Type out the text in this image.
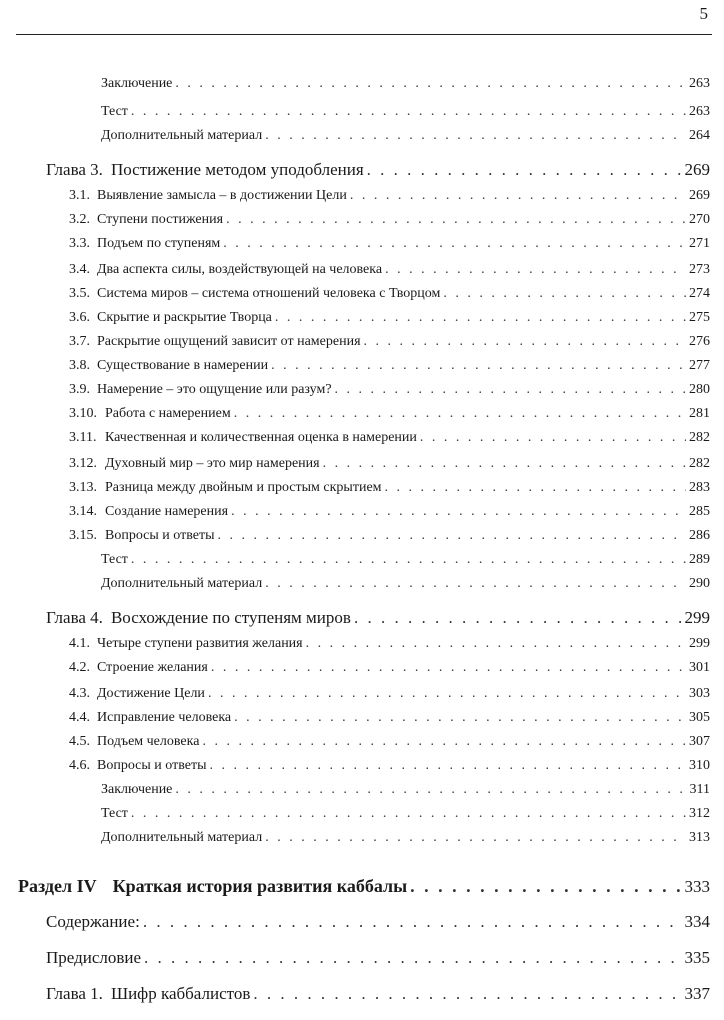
5
Заключение . . .	263
Тест . . .	263
Дополнительный материал . . .	264
Глава 3. Постижение методом уподобления . . .	269
3.1. Выявление замысла – в достижении Цели . . .	269
3.2. Ступени постижения . . .	270
3.3. Подъем по ступеням . . .	271
3.4. Два аспекта силы, воздействующей на человека . . .	273
3.5. Система миров – система отношений человека с Творцом . . .	274
3.6. Скрытие и раскрытие Творца . . .	275
3.7. Раскрытие ощущений зависит от намерения . . .	276
3.8. Существование в намерении . . .	277
3.9. Намерение – это ощущение или разум? . . .	280
3.10. Работа с намерением . . .	281
3.11. Качественная и количественная оценка в намерении . . .	282
3.12. Духовный мир – это мир намерения . . .	282
3.13. Разница между двойным и простым скрытием . . .	283
3.14. Создание намерения . . .	285
3.15. Вопросы и ответы . . .	286
Тест . . .	289
Дополнительный материал . . .	290
Глава 4. Восхождение по ступеням миров . . .	299
4.1. Четыре ступени развития желания . . .	299
4.2. Строение желания . . .	301
4.3. Достижение Цели . . .	303
4.4. Исправление человека . . .	305
4.5. Подъем человека . . .	307
4.6. Вопросы и ответы . . .	310
Заключение . . .	311
Тест . . .	312
Дополнительный материал . . .	313
Раздел IV Краткая история развития каббалы . . .	333
Содержание: . . .	334
Предисловие . . .	335
Глава 1. Шифр каббалистов . . .	337
